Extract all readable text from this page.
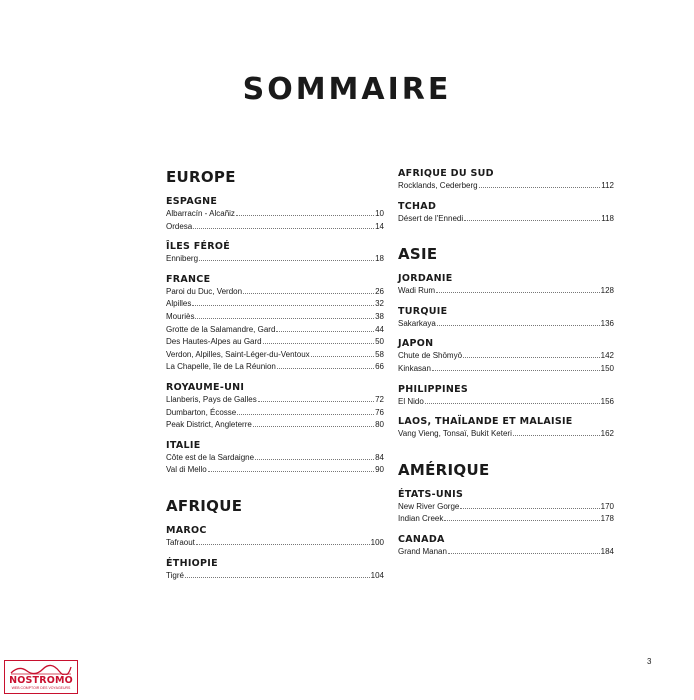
SOMMAIRE
EUROPE
ESPAGNE
Albarracín - Alcañiz	10
Ordesa	14
ÎLES FÉROÉ
Enniberg	18
FRANCE
Paroi du Duc, Verdon	26
Alpilles	32
Mouriès	38
Grotte de la Salamandre, Gard	44
Des Hautes-Alpes au Gard	50
Verdon, Alpilles, Saint-Léger-du-Ventoux	58
La Chapelle, île de La Réunion	66
ROYAUME-UNI
Llanberis, Pays de Galles	72
Dumbarton, Écosse	76
Peak District, Angleterre	80
ITALIE
Côte est de la Sardaigne	84
Val di Mello	90
AFRIQUE
MAROC
Tafraout	100
ÉTHIOPIE
Tigré	104
AFRIQUE DU SUD
Rocklands, Cederberg	112
TCHAD
Désert de l'Ennedi	118
ASIE
JORDANIE
Wadi Rum	128
TURQUIE
Sakarkaya	136
JAPON
Chute de Shōmyō	142
Kinkasan	150
PHILIPPINES
El Nido	156
LAOS, THAÏLANDE ET MALAISIE
Vang Vieng, Tonsaï, Bukit Keteri	162
AMÉRIQUE
ÉTATS-UNIS
New River Gorge	170
Indian Creek	178
CANADA
Grand Manan	184
3
NOSTROMO
WEB COMPTOIR DES VOYAGEURS
